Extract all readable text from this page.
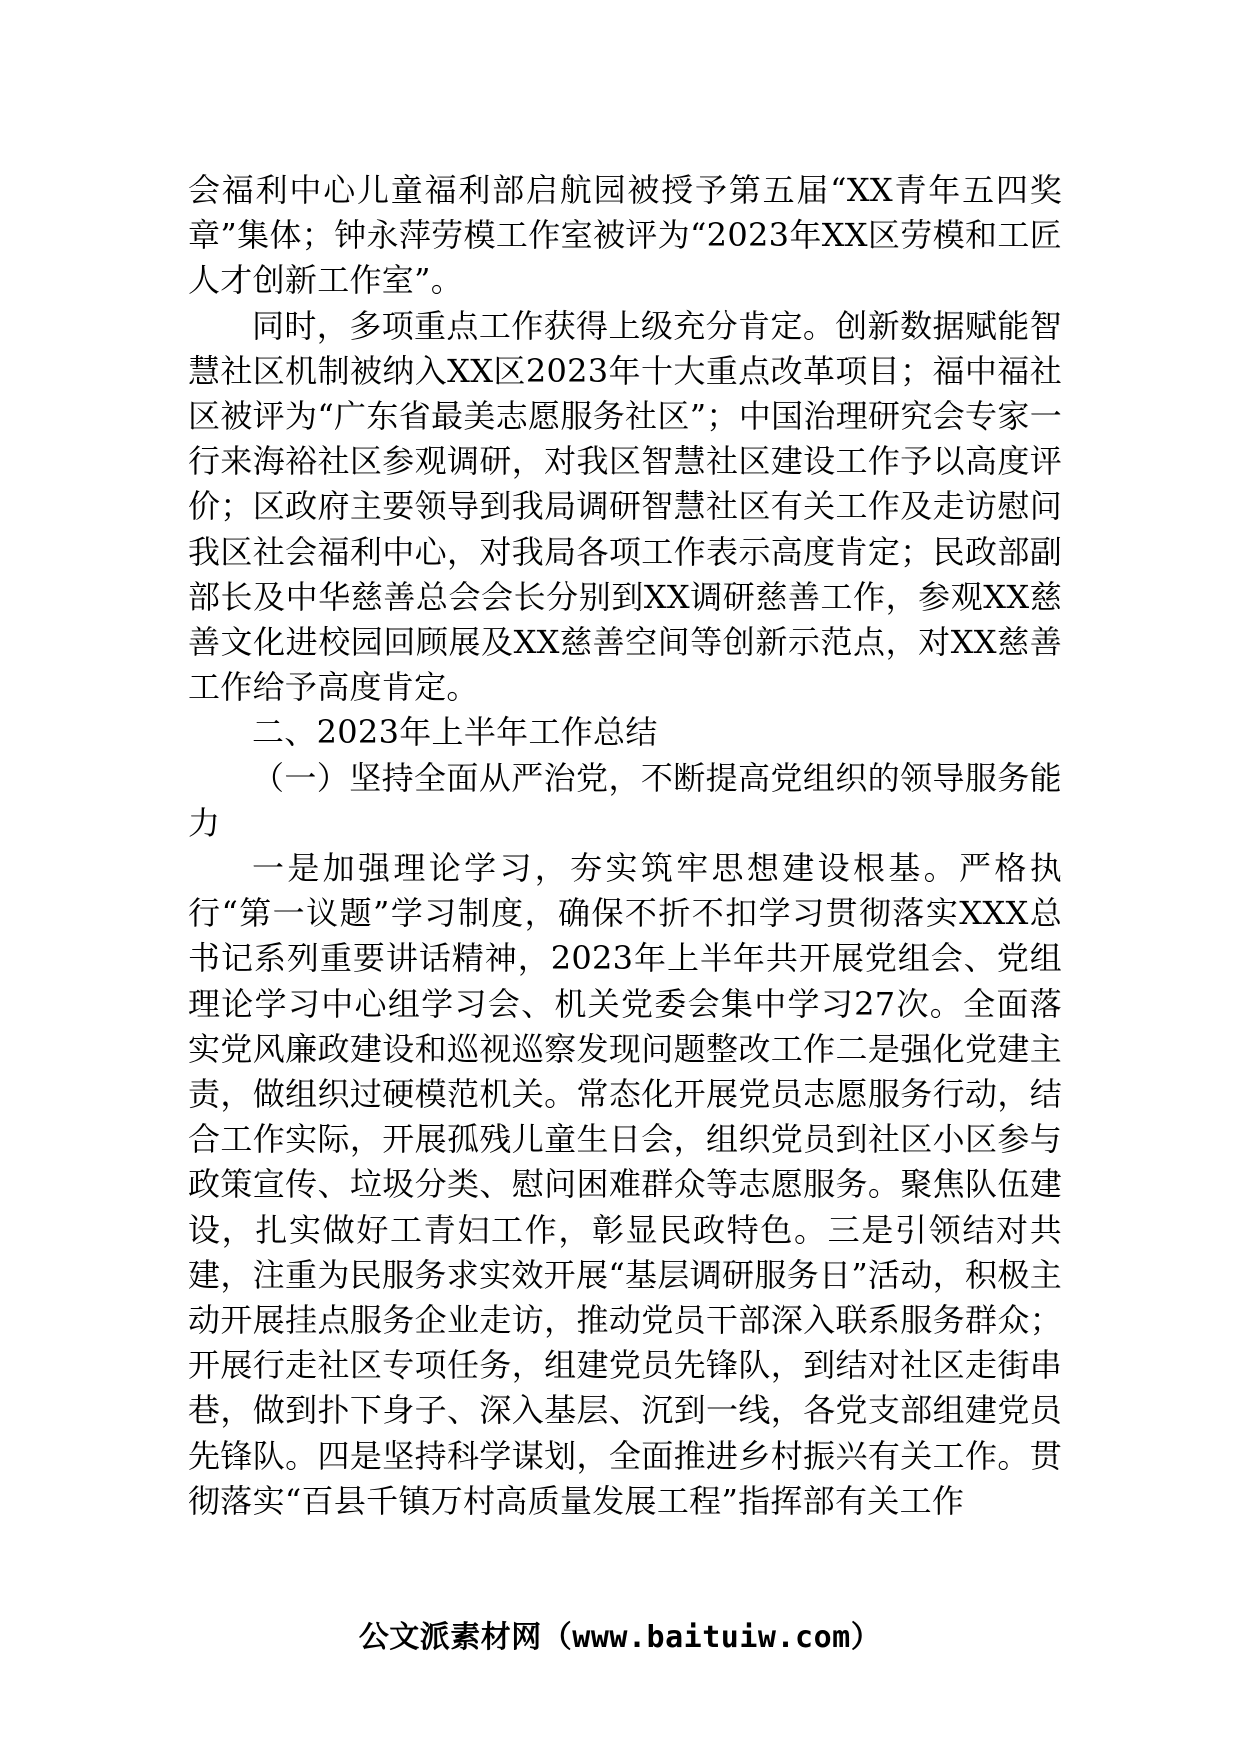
会福利中心儿童福利部启航园被授予第五届“XX青年五四奖章”集体；钟永萍劳模工作室被评为“2023年XX区劳模和工匠人才创新工作室”。

同时，多项重点工作获得上级充分肯定。创新数据赋能智慧社区机制被纳入XX区2023年十大重点改革项目；福中福社区被评为“广东省最美志愿服务社区”；中国治理研究会专家一行来海裕社区参观调研，对我区智慧社区建设工作予以高度评价；区政府主要领导到我局调研智慧社区有关工作及走访慰问我区社会福利中心，对我局各项工作表示高度肯定；民政部副部长及中华慈善总会会长分别到XX调研慈善工作，参观XX慈善文化进校园回顾展及XX慈善空间等创新示范点，对XX慈善工作给予高度肯定。

二、2023年上半年工作总结

（一）坚持全面从严治党，不断提高党组织的领导服务能力

一是加强理论学习，夯实筑牢思想建设根基。严格执行“第一议题”学习制度，确保不折不扣学习贯彻落实XXX总书记系列重要讲话精神，2023年上半年共开展党组会、党组理论学习中心组学习会、机关党委会集中学习27次。全面落实党风廉政建设和巡视巡察发现问题整改工作二是强化党建主责，做组织过硬模范机关。常态化开展党员志愿服务行动，结合工作实际，开展孤残儿童生日会，组织党员到社区小区参与政策宣传、垃圾分类、慰问困难群众等志愿服务。聚焦队伍建设，扎实做好工青妇工作，彰显民政特色。三是引领结对共建，注重为民服务求实效开展“基层调研服务日”活动，积极主动开展挂点服务企业走访，推动党员干部深入联系服务群众；开展行走社区专项任务，组建党员先锋队，到结对社区走街串巷，做到扑下身子、深入基层、沉到一线，各党支部组建党员先锋队。四是坚持科学谋划，全面推进乡村振兴有关工作。贯彻落实“百县千镇万村高质量发展工程”指挥部有关工作

公文派素材网（www.baituiw.com）
